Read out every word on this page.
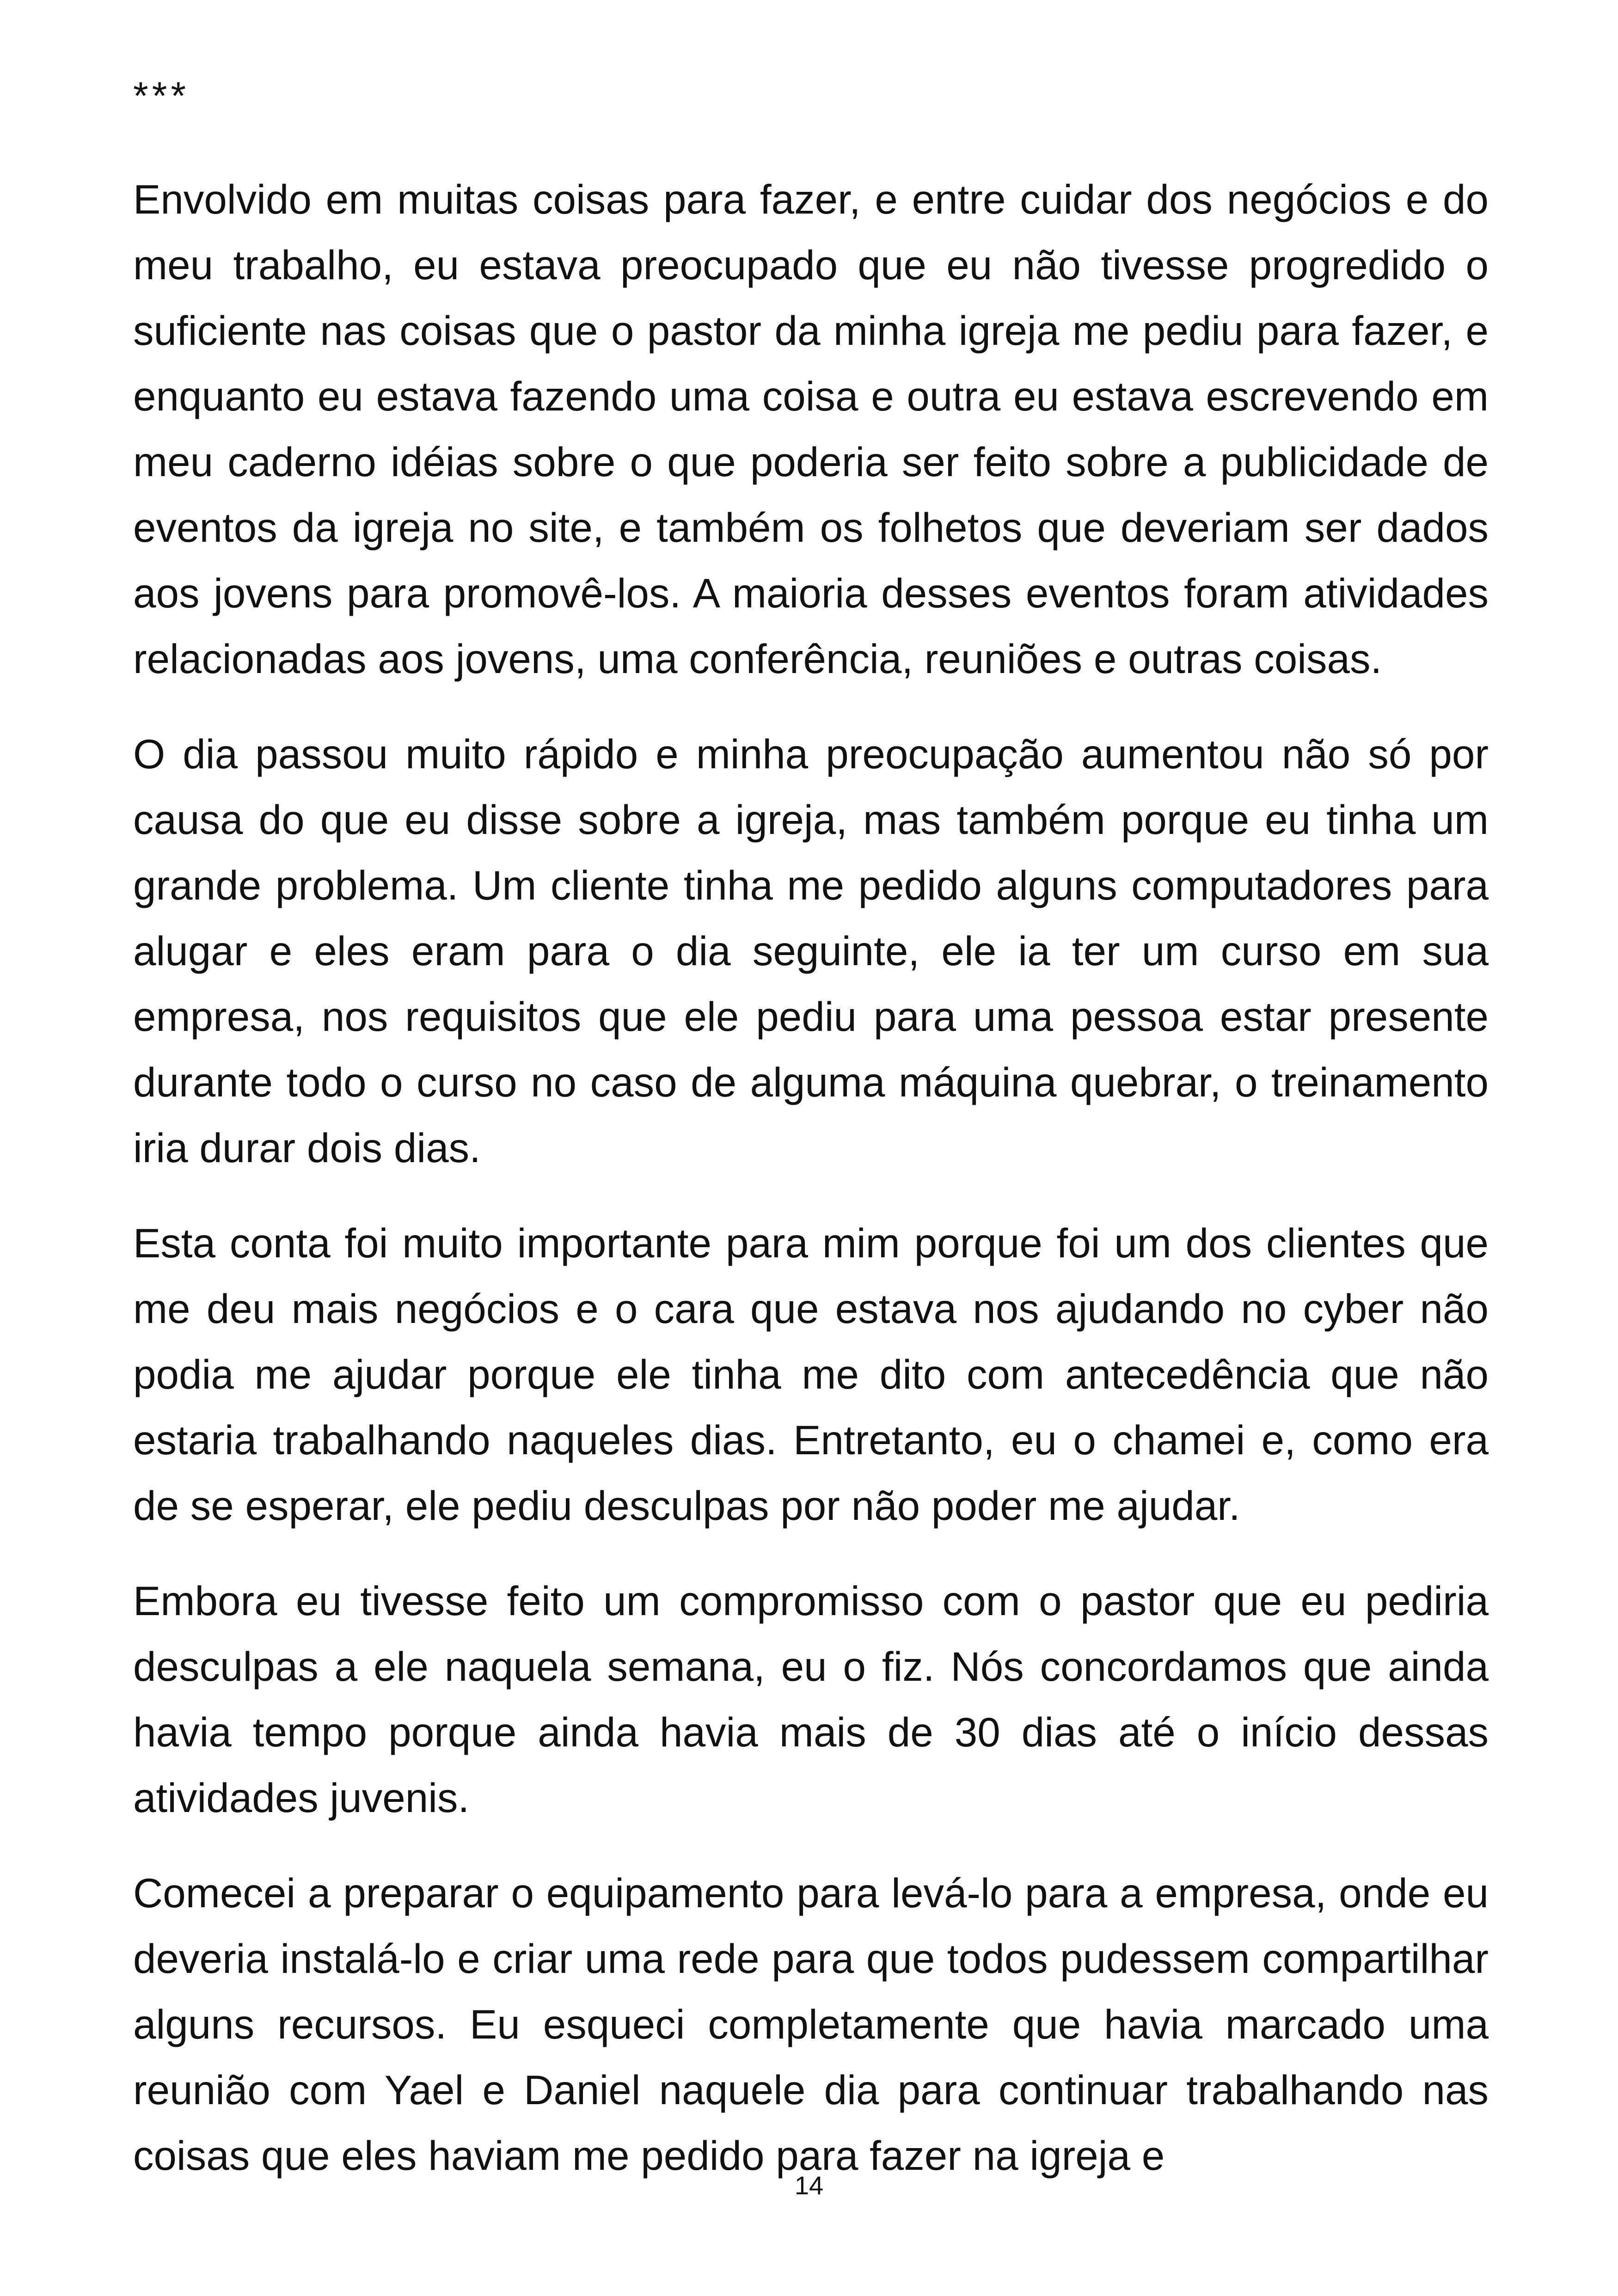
***

Envolvido em muitas coisas para fazer, e entre cuidar dos negócios e do meu trabalho, eu estava preocupado que eu não tivesse progredido o suficiente nas coisas que o pastor da minha igreja me pediu para fazer, e enquanto eu estava fazendo uma coisa e outra eu estava escrevendo em meu caderno idéias sobre o que poderia ser feito sobre a publicidade de eventos da igreja no site, e também os folhetos que deveriam ser dados aos jovens para promovê-los. A maioria desses eventos foram atividades relacionadas aos jovens, uma conferência, reuniões e outras coisas.

O dia passou muito rápido e minha preocupação aumentou não só por causa do que eu disse sobre a igreja, mas também porque eu tinha um grande problema. Um cliente tinha me pedido alguns computadores para alugar e eles eram para o dia seguinte, ele ia ter um curso em sua empresa, nos requisitos que ele pediu para uma pessoa estar presente durante todo o curso no caso de alguma máquina quebrar, o treinamento iria durar dois dias.

Esta conta foi muito importante para mim porque foi um dos clientes que me deu mais negócios e o cara que estava nos ajudando no cyber não podia me ajudar porque ele tinha me dito com antecedência que não estaria trabalhando naqueles dias. Entretanto, eu o chamei e, como era de se esperar, ele pediu desculpas por não poder me ajudar.

Embora eu tivesse feito um compromisso com o pastor que eu pediria desculpas a ele naquela semana, eu o fiz. Nós concordamos que ainda havia tempo porque ainda havia mais de 30 dias até o início dessas atividades juvenis.

Comecei a preparar o equipamento para levá-lo para a empresa, onde eu deveria instalá-lo e criar uma rede para que todos pudessem compartilhar alguns recursos. Eu esqueci completamente que havia marcado uma reunião com Yael e Daniel naquele dia para continuar trabalhando nas coisas que eles haviam me pedido para fazer na igreja e

14
